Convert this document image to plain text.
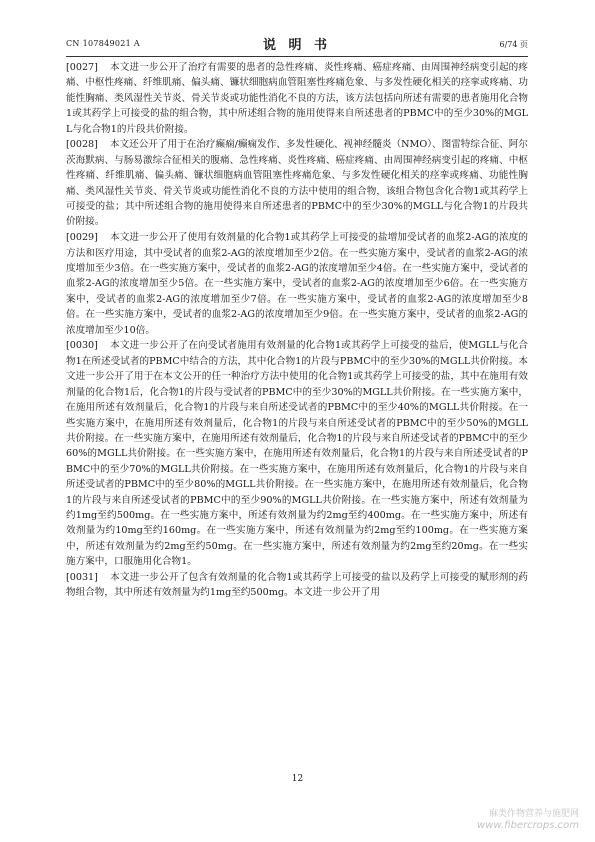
CN 107849021 A	说 明 书	6/74 页

[0027] 本文进一步公开了治疗有需要的患者的急性疼痛、炎性疼痛、癌症疼痛、由周围神经病变引起的疼痛、中枢性疼痛、纤维肌痛、偏头痛、镰状细胞病血管阻塞性疼痛危象、与多发性硬化相关的痉挛或疼痛、功能性胸痛、类风湿性关节炎、骨关节炎或功能性消化不良的方法，该方法包括向所述有需要的患者施用化合物1或其药学上可接受的盐的组合物，其中所述组合物的施用使得来自所述患者的PBMC中的至少30%的MGLL与化合物1的片段共价附接。

[0028] 本文还公开了用于在治疗癫痫/癫痫发作、多发性硬化、视神经髓炎（NMO）、图雷特综合征、阿尔茨海默病、与肠易激综合征相关的腹痛、急性疼痛、炎性疼痛、癌症疼痛、由周围神经病变引起的疼痛、中枢性疼痛、纤维肌痛、偏头痛、镰状细胞病血管阻塞性疼痛危象、与多发性硬化相关的痉挛或疼痛、功能性胸痛、类风湿性关节炎、骨关节炎或功能性消化不良的方法中使用的组合物，该组合物包含化合物1或其药学上可接受的盐；其中所述组合物的施用使得来自所述患者的PBMC中的至少30%的MGLL与化合物1的片段共价附接。

[0029] 本文进一步公开了使用有效剂量的化合物1或其药学上可接受的盐增加受试者的血浆2-AG的浓度的方法和医疗用途，其中受试者的血浆2-AG的浓度增加至少2倍。在一些实施方案中，受试者的血浆2-AG的浓度增加至少3倍。在一些实施方案中，受试者的血浆2-AG的浓度增加至少4倍。在一些实施方案中，受试者的血浆2-AG的浓度增加至少5倍。在一些实施方案中，受试者的血浆2-AG的浓度增加至少6倍。在一些实施方案中，受试者的血浆2-AG的浓度增加至少7倍。在一些实施方案中，受试者的血浆2-AG的浓度增加至少8倍。在一些实施方案中，受试者的血浆2-AG的浓度增加至少9倍。在一些实施方案中，受试者的血浆2-AG的浓度增加至少10倍。

[0030] 本文进一步公开了在向受试者施用有效剂量的化合物1或其药学上可接受的盐后，使MGLL与化合物1在所述受试者的PBMC中结合的方法，其中化合物1的片段与PBMC中的至少30%的MGLL共价附接。本文进一步公开了用于在本文公开的任一种治疗方法中使用的化合物1或其药学上可接受的盐，其中在施用有效剂量的化合物1后，化合物1的片段与受试者的PBMC中的至少30%的MGLL共价附接。在一些实施方案中，在施用所述有效剂量后，化合物1的片段与来自所述受试者的PBMC中的至少40%的MGLL共价附接。在一些实施方案中，在施用所述有效剂量后，化合物1的片段与来自所述受试者的PBMC中的至少50%的MGLL共价附接。在一些实施方案中，在施用所述有效剂量后，化合物1的片段与来自所述受试者的PBMC中的至少60%的MGLL共价附接。在一些实施方案中，在施用所述有效剂量后，化合物1的片段与来自所述受试者的PBMC中的至少70%的MGLL共价附接。在一些实施方案中，在施用所述有效剂量后，化合物1的片段与来自所述受试者的PBMC中的至少80%的MGLL共价附接。在一些实施方案中，在施用所述有效剂量后，化合物1的片段与来自所述受试者的PBMC中的至少90%的MGLL共价附接。在一些实施方案中，所述有效剂量为约1mg至约500mg。在一些实施方案中，所述有效剂量为约2mg至约400mg。在一些实施方案中，所述有效剂量为约10mg至约160mg。在一些实施方案中，所述有效剂量为约2mg至约100mg。在一些实施方案中，所述有效剂量为约2mg至约50mg。在一些实施方案中，所述有效剂量为约2mg至约20mg。在一些实施方案中，口服施用化合物1。

[0031] 本文进一步公开了包含有效剂量的化合物1或其药学上可接受的盐以及药学上可接受的赋形剂的药物组合物，其中所述有效剂量为约1mg至约500mg。本文进一步公开了用

12
麻类作物营养与施肥网
www.fibercrops.com
